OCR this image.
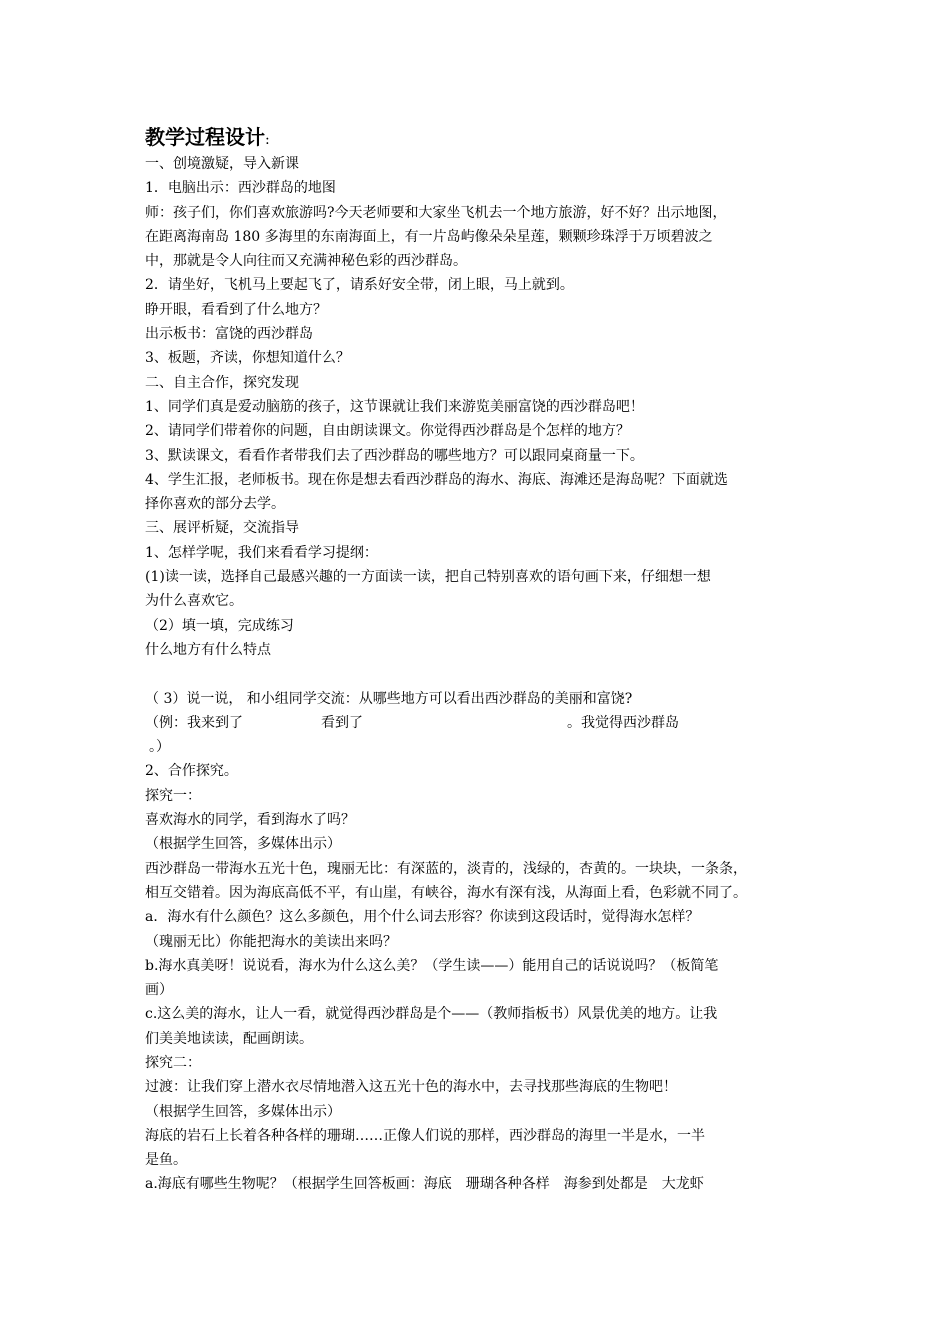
教学过程设计:
一、创境激疑，导入新课
1．电脑出示：西沙群岛的地图
师：孩子们，你们喜欢旅游吗?今天老师要和大家坐飞机去一个地方旅游，好不好？出示地图，
在距离海南岛 180 多海里的东南海面上，有一片岛屿像朵朵星莲，颗颗珍珠浮于万顷碧波之
中，那就是令人向往而又充满神秘色彩的西沙群岛。
2．请坐好，飞机马上要起飞了，请系好安全带，闭上眼，马上就到。
睁开眼，看看到了什么地方？
出示板书：富饶的西沙群岛
3、板题，齐读，你想知道什么？
二、自主合作，探究发现
1、同学们真是爱动脑筋的孩子，这节课就让我们来游览美丽富饶的西沙群岛吧！
2、请同学们带着你的问题，自由朗读课文。你觉得西沙群岛是个怎样的地方？
3、默读课文，看看作者带我们去了西沙群岛的哪些地方？可以跟同桌商量一下。
4、学生汇报，老师板书。现在你是想去看西沙群岛的海水、海底、海滩还是海岛呢？下面就选
择你喜欢的部分去学。
三、展评析疑，交流指导
1、怎样学呢，我们来看看学习提纲：
(1)读一读，选择自己最感兴趣的一方面读一读，把自己特别喜欢的语句画下来，仔细想一想
为什么喜欢它。
（2）填一填，完成练习
什么地方有什么特点
（ 3）说一说， 和小组同学交流：从哪些地方可以看出西沙群岛的美丽和富饶?
（例：我来到了	看到了	。我觉得西沙群岛
。）
2、合作探究。
探究一：
喜欢海水的同学，看到海水了吗？
（根据学生回答，多媒体出示）
西沙群岛一带海水五光十色，瑰丽无比：有深蓝的，淡青的，浅绿的，杏黄的。一块块，一条条，
相互交错着。因为海底高低不平，有山崖，有峡谷，海水有深有浅，从海面上看，色彩就不同了。
a．海水有什么颜色？这么多颜色，用个什么词去形容？你读到这段话时，觉得海水怎样？
（瑰丽无比）你能把海水的美读出来吗？
b.海水真美呀！说说看，海水为什么这么美？（学生读——）能用自己的话说说吗？（板简笔
画）
c.这么美的海水，让人一看，就觉得西沙群岛是个——（教师指板书）风景优美的地方。让我
们美美地读读，配画朗读。
探究二：
过渡：让我们穿上潜水衣尽情地潜入这五光十色的海水中，去寻找那些海底的生物吧！
（根据学生回答，多媒体出示）
海底的岩石上长着各种各样的珊瑚……正像人们说的那样，西沙群岛的海里一半是水，一半
是鱼。
a.海底有哪些生物呢？（根据学生回答板画：海底　珊瑚各种各样　海参到处都是　大龙虾
